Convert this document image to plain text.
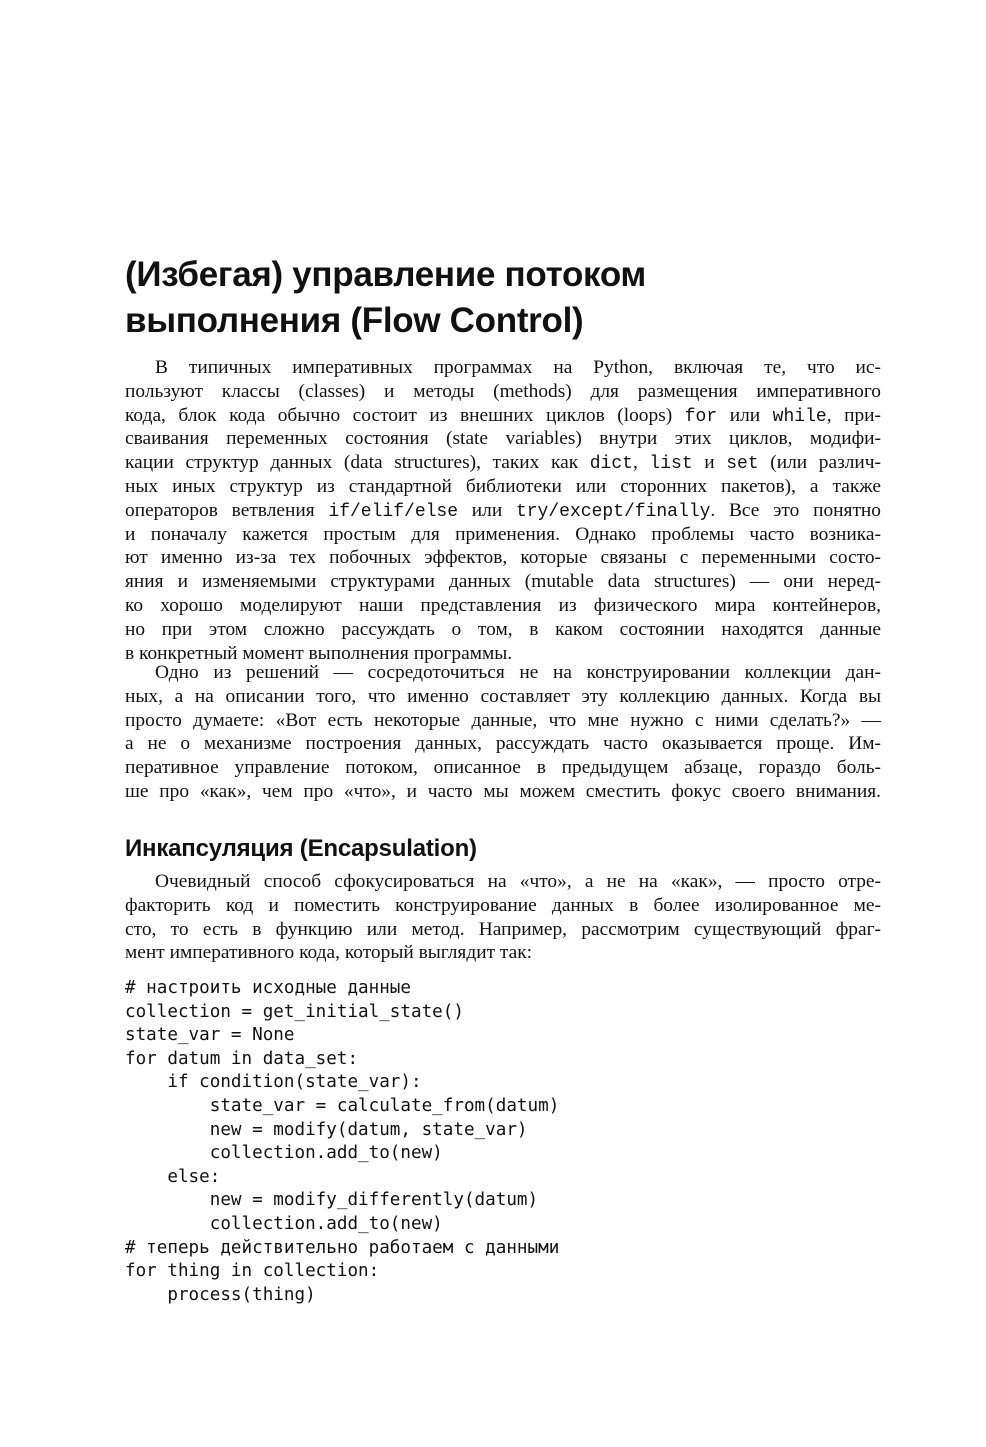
(Избегая) управление потоком
выполнения (Flow Control)
В типичных императивных программах на Python, включая те, что ис-
пользуют классы (classes) и методы (methods) для размещения императивного
кода, блок кода обычно состоит из внешних циклов (loops) for или while, при-
сваивания переменных состояния (state variables) внутри этих циклов, модифи-
кации структур данных (data structures), таких как dict, list и set (или различ-
ных иных структур из стандартной библиотеки или сторонних пакетов), а также
операторов ветвления if/elif/else или try/except/finally. Все это понятно
и поначалу кажется простым для применения. Однако проблемы часто возника-
ют именно из-за тех побочных эффектов, которые связаны с переменными состо-
яния и изменяемыми структурами данных (mutable data structures) — они неред-
ко хорошо моделируют наши представления из физического мира контейнеров,
но при этом сложно рассуждать о том, в каком состоянии находятся данные
в конкретный момент выполнения программы.
Одно из решений — сосредоточиться не на конструировании коллекции дан-
ных, а на описании того, что именно составляет эту коллекцию данных. Когда вы
просто думаете: «Вот есть некоторые данные, что мне нужно с ними сделать?» —
а не о механизме построения данных, рассуждать часто оказывается проще. Им-
перативное управление потоком, описанное в предыдущем абзаце, гораздо боль-
ше про «как», чем про «что», и часто мы можем сместить фокус своего внимания.
Инкапсуляция (Encapsulation)
Очевидный способ сфокусироваться на «что», а не на «как», — просто отре-
факторить код и поместить конструирование данных в более изолированное ме-
сто, то есть в функцию или метод. Например, рассмотрим существующий фраг-
мент императивного кода, который выглядит так:
# настроить исходные данные
collection = get_initial_state()
state_var = None
for datum in data_set:
if condition(state_var):
state_var = calculate_from(datum)
new = modify(datum, state_var)
collection.add_to(new)
else:
new = modify_differently(datum)
collection.add_to(new)
# теперь действительно работаем с данными
for thing in collection:
process(thing)
